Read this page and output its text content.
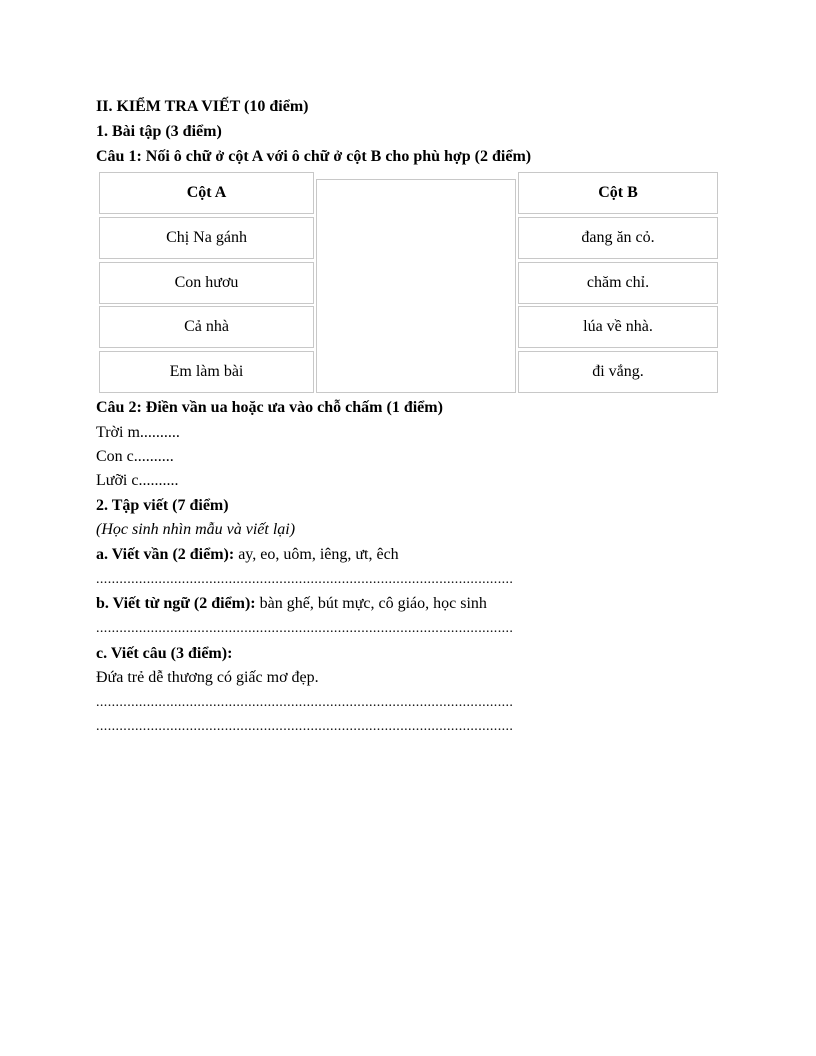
II. KIỂM TRA VIẾT (10 điểm)
1. Bài tập (3 điểm)
Câu 1: Nối ô chữ ở cột A với ô chữ ở cột B cho phù hợp (2 điểm)
Cột A
Chị Na gánh
Con hươu
Cả nhà
Em làm bài
Cột B
đang ăn cỏ.
chăm chỉ.
lúa về nhà.
đi vắng.
Câu 2: Điền vần ua hoặc ưa vào chỗ chấm (1 điểm)
Trời m..........
Con c..........
Lưỡi c..........
2. Tập viết (7 điểm)
(Học sinh nhìn mẫu và viết lại)
a. Viết vần (2 điểm): ay, eo, uôm, iêng, ưt, êch
...........................................................................................................
b. Viết từ ngữ (2 điểm): bàn ghế, bút mực, cô giáo, học sinh
...........................................................................................................
c. Viết câu (3 điểm):
Đứa trẻ dễ thương có giấc mơ đẹp.
...........................................................................................................
...........................................................................................................
